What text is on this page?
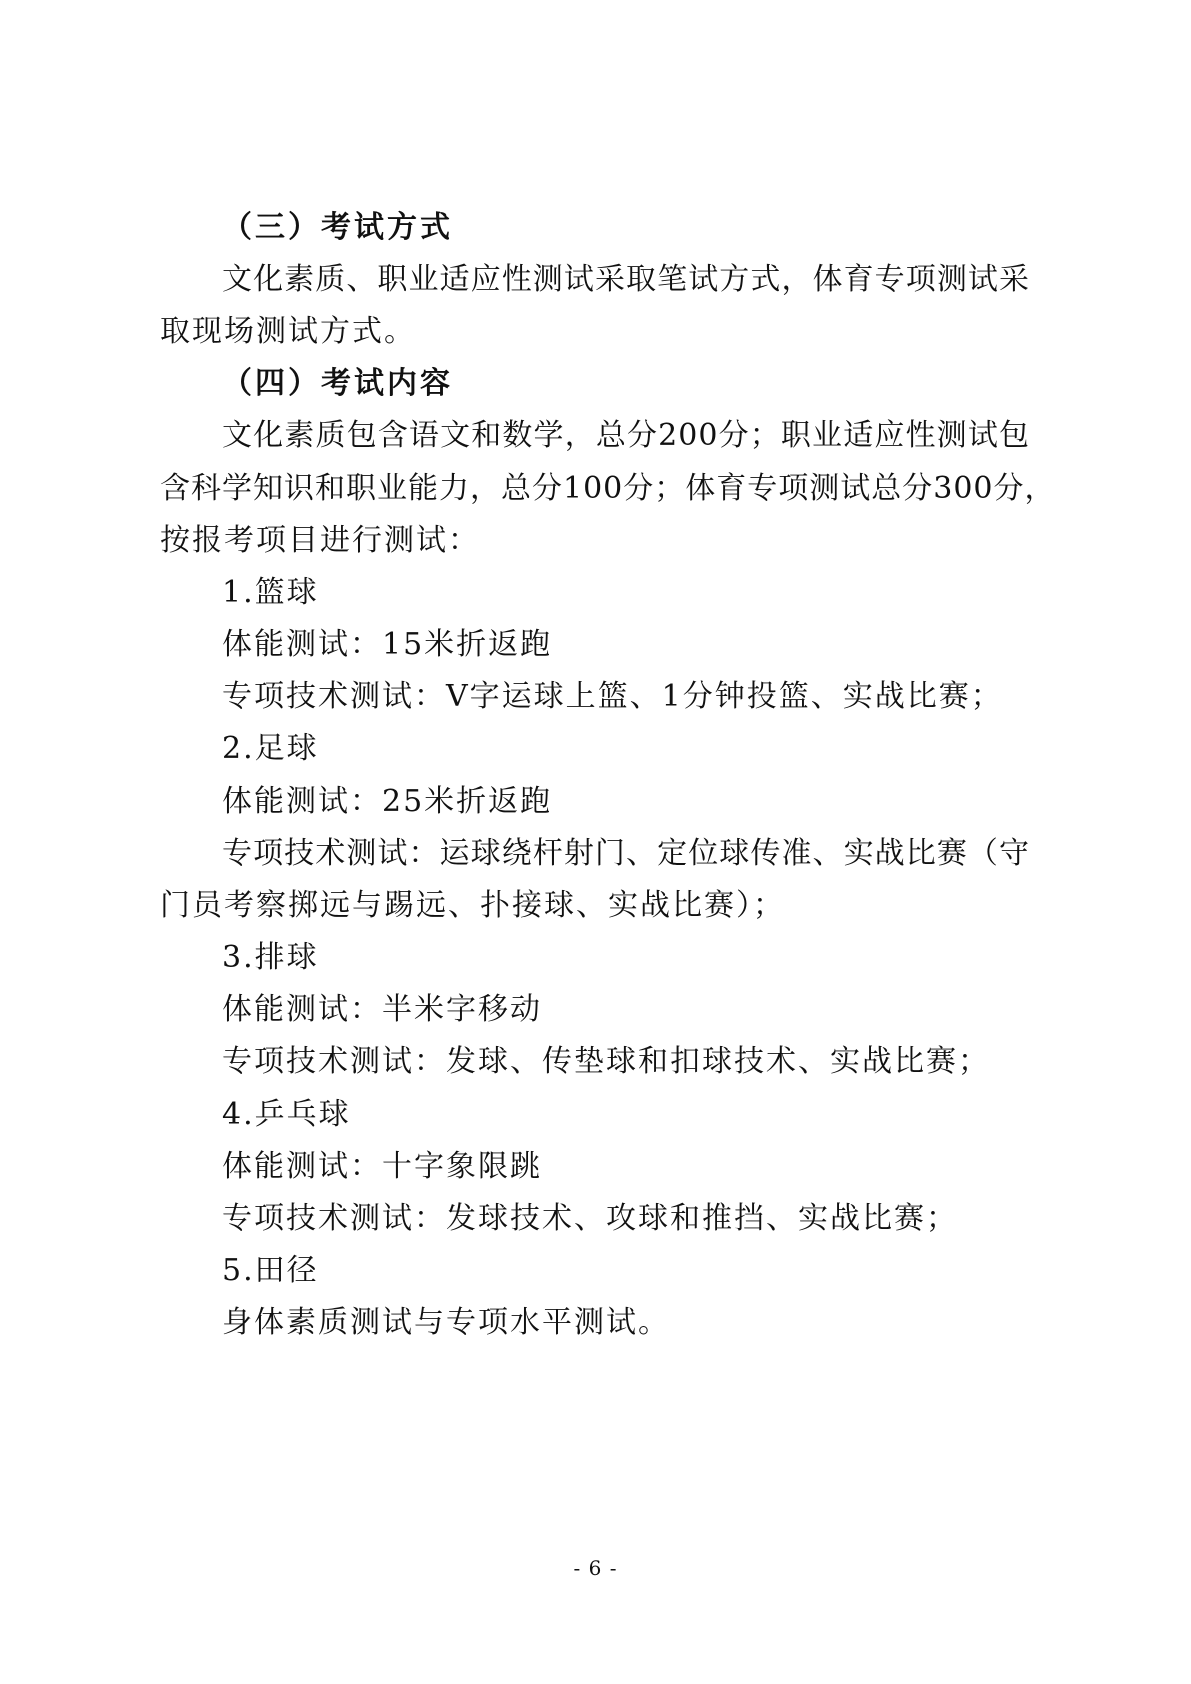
（三）考试方式
文化素质、职业适应性测试采取笔试方式，体育专项测试采
取现场测试方式。
（四）考试内容
文化素质包含语文和数学，总分200分；职业适应性测试包
含科学知识和职业能力，总分100分；体育专项测试总分300分，
按报考项目进行测试：
1.篮球
体能测试：15米折返跑
专项技术测试：V字运球上篮、1分钟投篮、实战比赛；
2.足球
体能测试：25米折返跑
专项技术测试：运球绕杆射门、定位球传准、实战比赛（守
门员考察掷远与踢远、扑接球、实战比赛）；
3.排球
体能测试：半米字移动
专项技术测试：发球、传垫球和扣球技术、实战比赛；
4.乒乓球
体能测试：十字象限跳
专项技术测试：发球技术、攻球和推挡、实战比赛；
5.田径
身体素质测试与专项水平测试。
- 6 -
